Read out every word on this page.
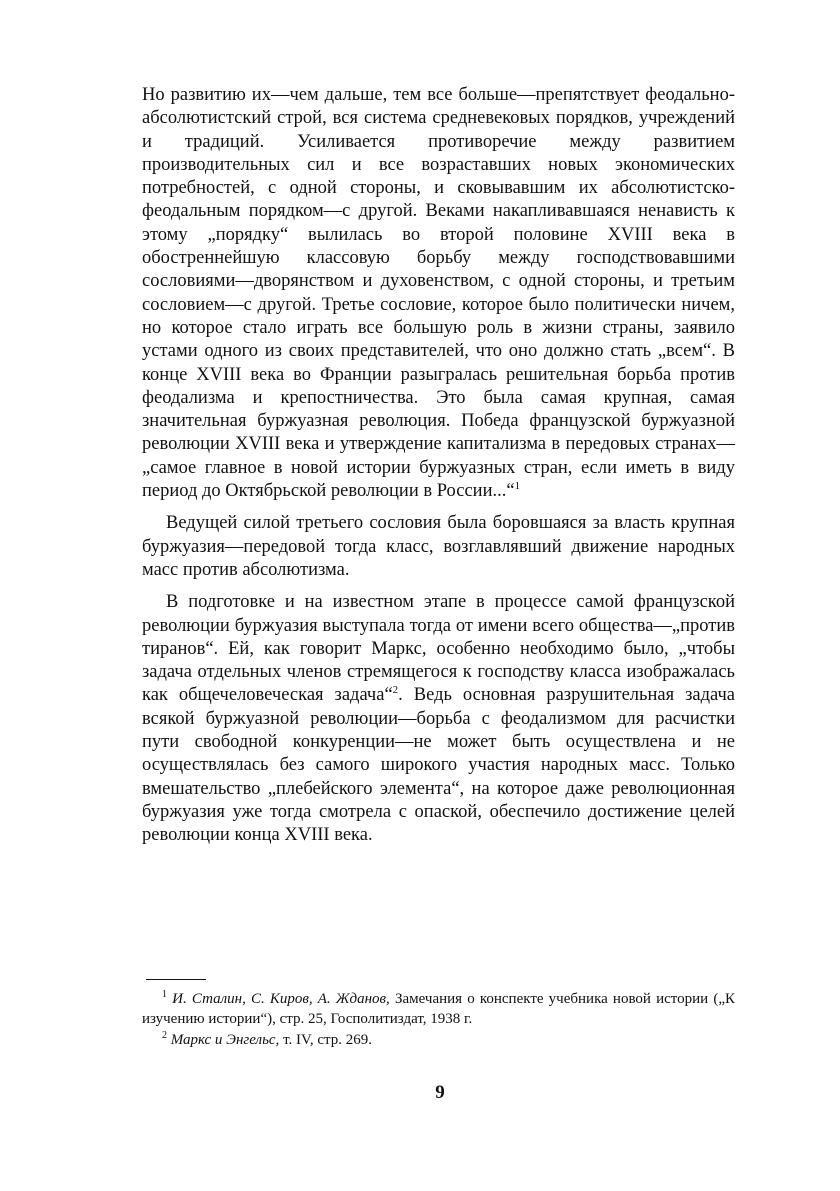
Но развитию их—чем дальше, тем все больше—препятствует феодально-абсолютистский строй, вся система средневековых порядков, учреждений и традиций. Усиливается противоречие между развитием производительных сил и все возраставших новых экономических потребностей, с одной стороны, и сковывавшим их абсолютистско-феодальным порядком—с другой. Веками накапливавшаяся ненависть к этому „порядку“ вылилась во второй половине XVIII века в обостреннейшую классовую борьбу между господствовавшими сословиями—дворянством и духовенством, с одной стороны, и третьим сословием—с другой. Третье сословие, которое было политически ничем, но которое стало играть все большую роль в жизни страны, заявило устами одного из своих представителей, что оно должно стать „всем“. В конце XVIII века во Франции разыгралась решительная борьба против феодализма и крепостничества. Это была самая крупная, самая значительная буржуазная революция. Победа французской буржуазной революции XVIII века и утверждение капитализма в передовых странах—„самое главное в новой истории буржуазных стран, если иметь в виду период до Октябрьской революции в России...“$^1$

Ведущей силой третьего сословия была боровшаяся за власть крупная буржуазия—передовой тогда класс, возглавлявший движение народных масс против абсолютизма.

В подготовке и на известном этапе в процессе самой французской революции буржуазия выступала тогда от имени всего общества—„против тиранов“. Ей, как говорит Маркс, особенно необходимо было, „чтобы задача отдельных членов стремящегося к господству класса изображалась как общечеловеческая задача“$^2$. Ведь основная разрушительная задача всякой буржуазной революции—борьба с феодализмом для расчистки пути свободной конкуренции—не может быть осуществлена и не осуществлялась без самого широкого участия народных масс. Только вмешательство „плебейского элемента“, на которое даже революционная буржуазия уже тогда смотрела с опаской, обеспечило достижение целей революции конца XVIII века.

$^1$ И. Сталин, С. Киров, А. Жданов, Замечания о конспекте учебника новой истории („К изучению истории“), стр. 25, Госполитиздат, 1938 г.

$^2$ Маркс и Энгельс, т. IV, стр. 269.

9
